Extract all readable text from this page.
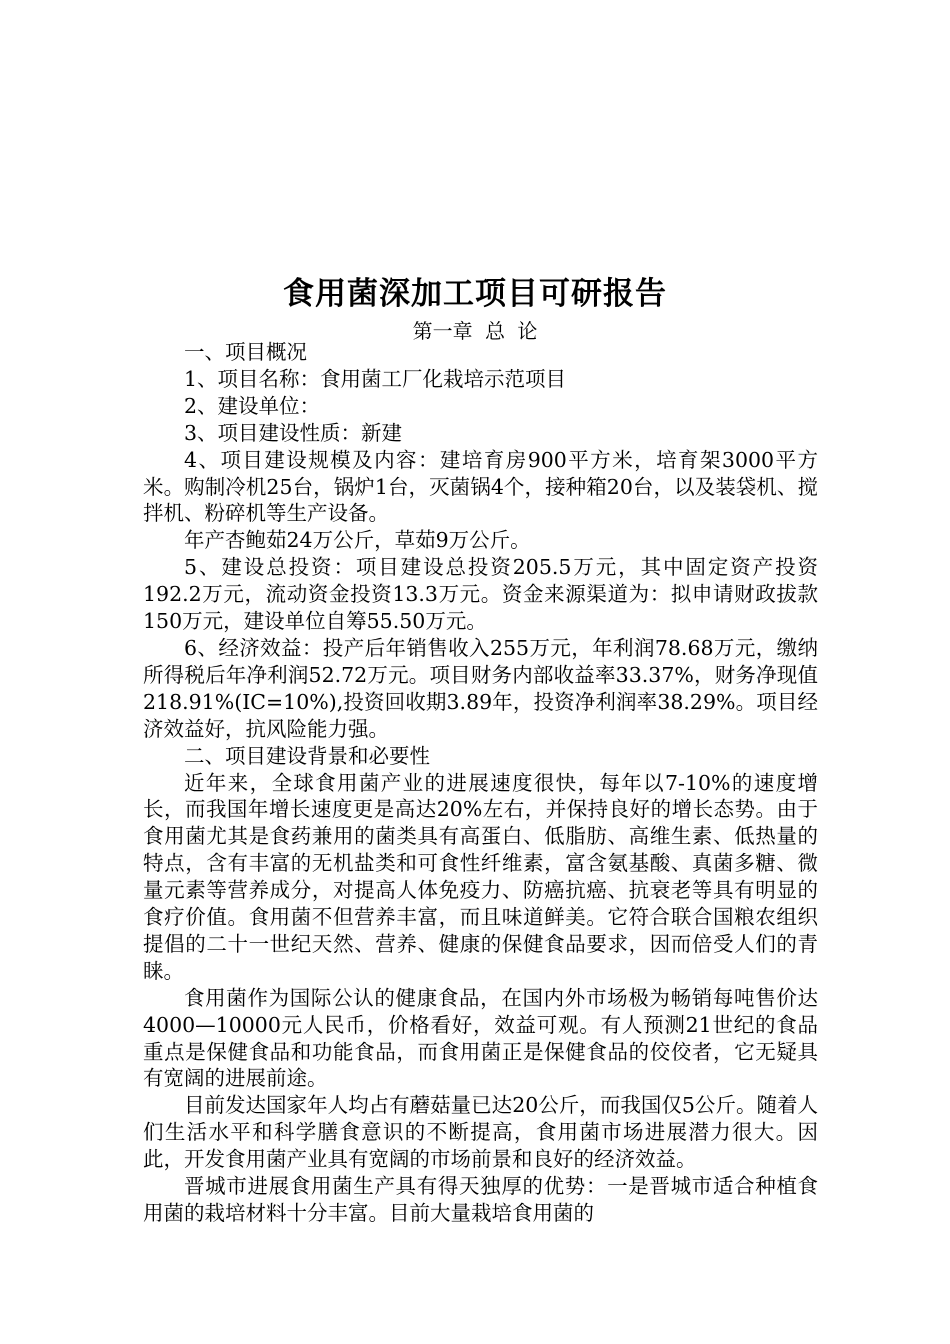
食用菌深加工项目可研报告
第一章 总 论

一、项目概况

1、项目名称：食用菌工厂化栽培示范项目

2、建设单位：

3、项目建设性质：新建

4、项目建设规模及内容：建培育房900平方米，培育架3000平方米。购制冷机25台，锅炉1台，灭菌锅4个，接种箱20台，以及装袋机、搅拌机、粉碎机等生产设备。

年产杏鲍茹24万公斤，草茹9万公斤。

5、建设总投资：项目建设总投资205.5万元，其中固定资产投资192.2万元，流动资金投资13.3万元。资金来源渠道为：拟申请财政拔款150万元，建设单位自筹55.50万元。

6、经济效益：投产后年销售收入255万元，年利润78.68万元，缴纳所得税后年净利润52.72万元。项目财务内部收益率33.37%，财务净现值218.91%(IC=10%),投资回收期3.89年，投资净利润率38.29%。项目经济效益好，抗风险能力强。

二、项目建设背景和必要性

近年来，全球食用菌产业的进展速度很快，每年以7-10%的速度增长，而我国年增长速度更是高达20%左右，并保持良好的增长态势。由于食用菌尤其是食药兼用的菌类具有高蛋白、低脂肪、高维生素、低热量的特点，含有丰富的无机盐类和可食性纤维素，富含氨基酸、真菌多糖、微量元素等营养成分，对提高人体免疫力、防癌抗癌、抗衰老等具有明显的食疗价值。食用菌不但营养丰富，而且味道鲜美。它符合联合国粮农组织提倡的二十一世纪天然、营养、健康的保健食品要求，因而倍受人们的青睐。

食用菌作为国际公认的健康食品，在国内外市场极为畅销每吨售价达4000—10000元人民币，价格看好，效益可观。有人预测21世纪的食品重点是保健食品和功能食品，而食用菌正是保健食品的佼佼者，它无疑具有宽阔的进展前途。

目前发达国家年人均占有蘑菇量已达20公斤，而我国仅5公斤。随着人们生活水平和科学膳食意识的不断提高，食用菌市场进展潜力很大。因此，开发食用菌产业具有宽阔的市场前景和良好的经济效益。

晋城市进展食用菌生产具有得天独厚的优势：一是晋城市适合种植食用菌的栽培材料十分丰富。目前大量栽培食用菌的
